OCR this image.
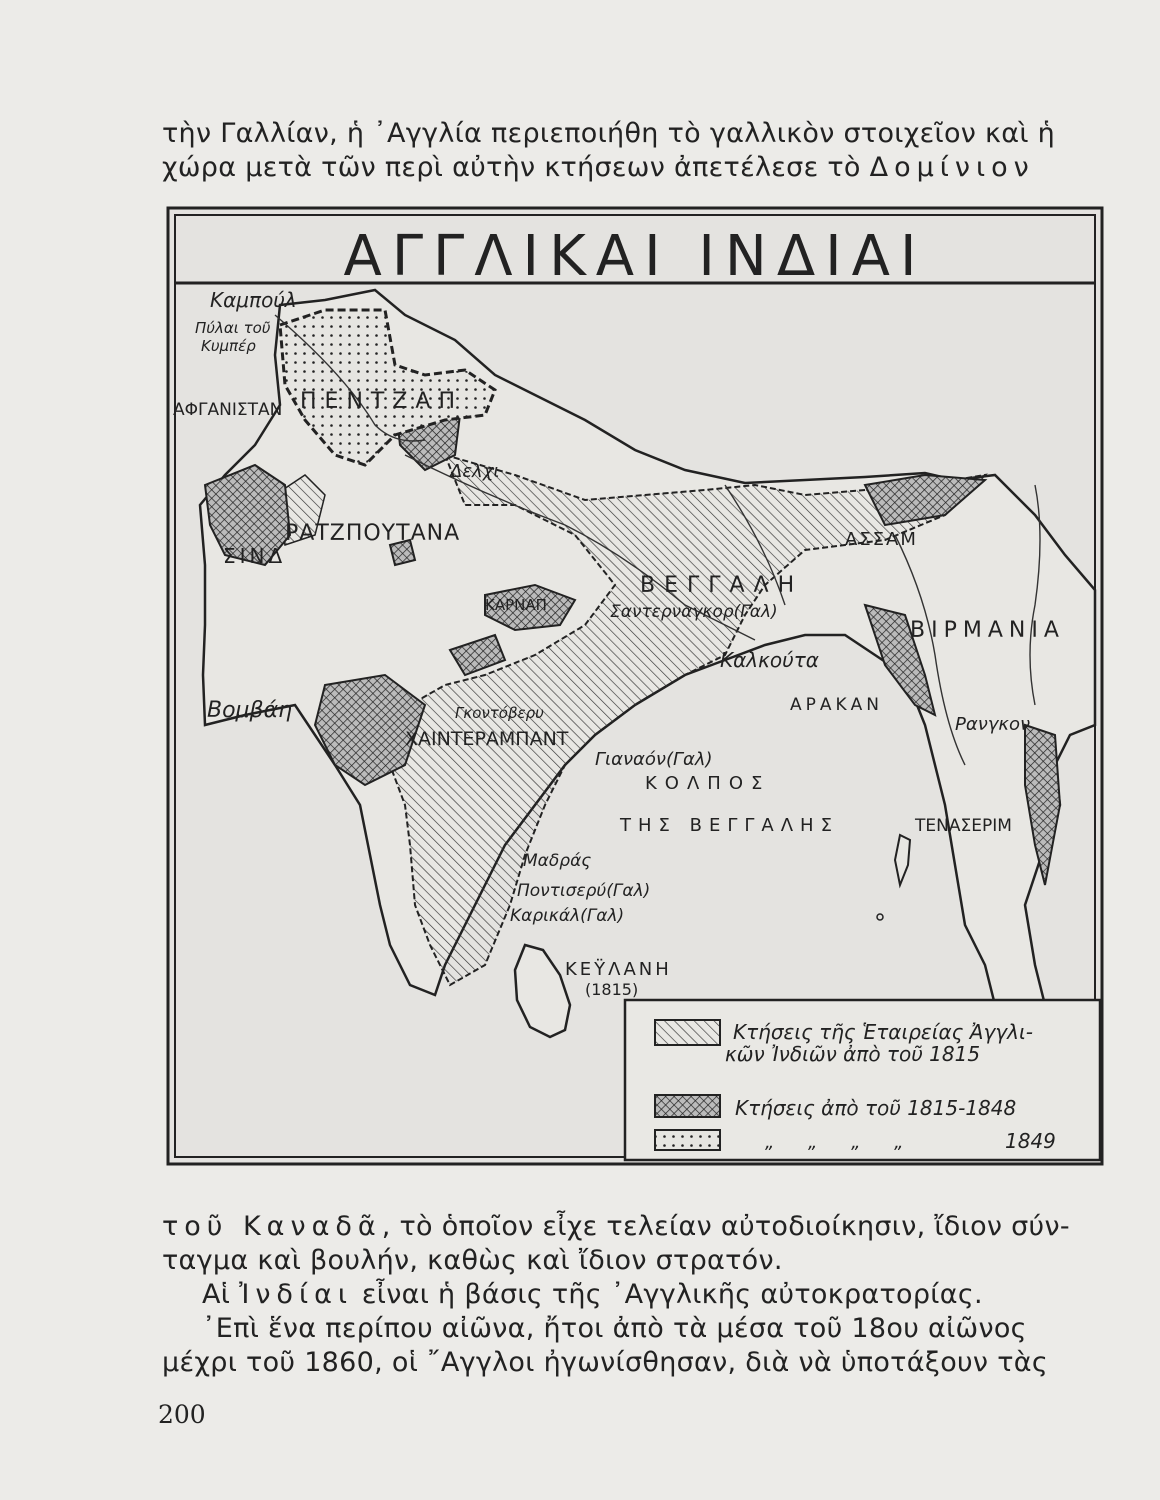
τὴν Γαλλίαν, ἡ ᾿Αγγλία περιεποιήθη τὸ γαλλικὸν στοιχεῖον καὶ ἡ
χώρα μετὰ τῶν περὶ αὐτὴν κτήσεων ἀπετέλεσε τὸ Δομίνιον
ΑΓΓΛΙΚΑΙ ΙΝΔΙΑΙ
Καμπούλ
Πύλαι τοῦ
Κυμπέρ
ΑΦΓΑΝΙΣΤΑΝ ΠΕΝΤΖΑΠ
Δελχι
ΡΑΤΖΠΟΥΤΑΝΑ
ΣΙΝΔ
ΑΣΣΑΜ
ΒΕΓΓΑΛΗ
Σαντερναγκορ(Γαλ)
ΚΑΡΝΑΠ
Καλκούτα
Βομβάη
ΒΙΡΜΑΝΙΑ
ΑΡΑΚΑΝ
Ρανγκον
Γκοντόβερυ
ΧΑΙΝΤΕΡΑΜΠΑΝΤ
Γιαναόν(Γαλ)
ΚΟΛΠΟΣ
ΤΗΣ ΒΕΓΓΑΛΗΣ	ΤΕΝΑΣΕΡΙΜ
Μαδράς
Ποντισερύ(Γαλ)
Καρικάλ(Γαλ)
ΚΕΫΛΑΝΗ
(1815)
Κτήσεις τῆς Ἑταιρείας Ἀγγλι-
κῶν Ἰνδιῶν ἀπὸ τοῦ 1815
Κτήσεις ἀπὸ τοῦ 1815-1848
„ „ „ „	1849
τοῦ Καναδᾶ, τὸ ὁποῖον εἶχε τελείαν αὐτοδιοίκησιν, ἴδιον σύν-
ταγμα καὶ βουλήν, καθὼς καὶ ἴδιον στρατόν.
Αἱ Ἰνδίαι εἶναι ἡ βάσις τῆς ᾿Αγγλικῆς αὐτοκρατορίας.
᾿Επὶ ἕνα περίπου αἰῶνα, ἤτοι ἀπὸ τὰ μέσα τοῦ 18ου αἰῶνος
μέχρι τοῦ 1860, οἱ ῎Αγγλοι ἠγωνίσθησαν, διὰ νὰ ὑποτάξουν τὰς
200
